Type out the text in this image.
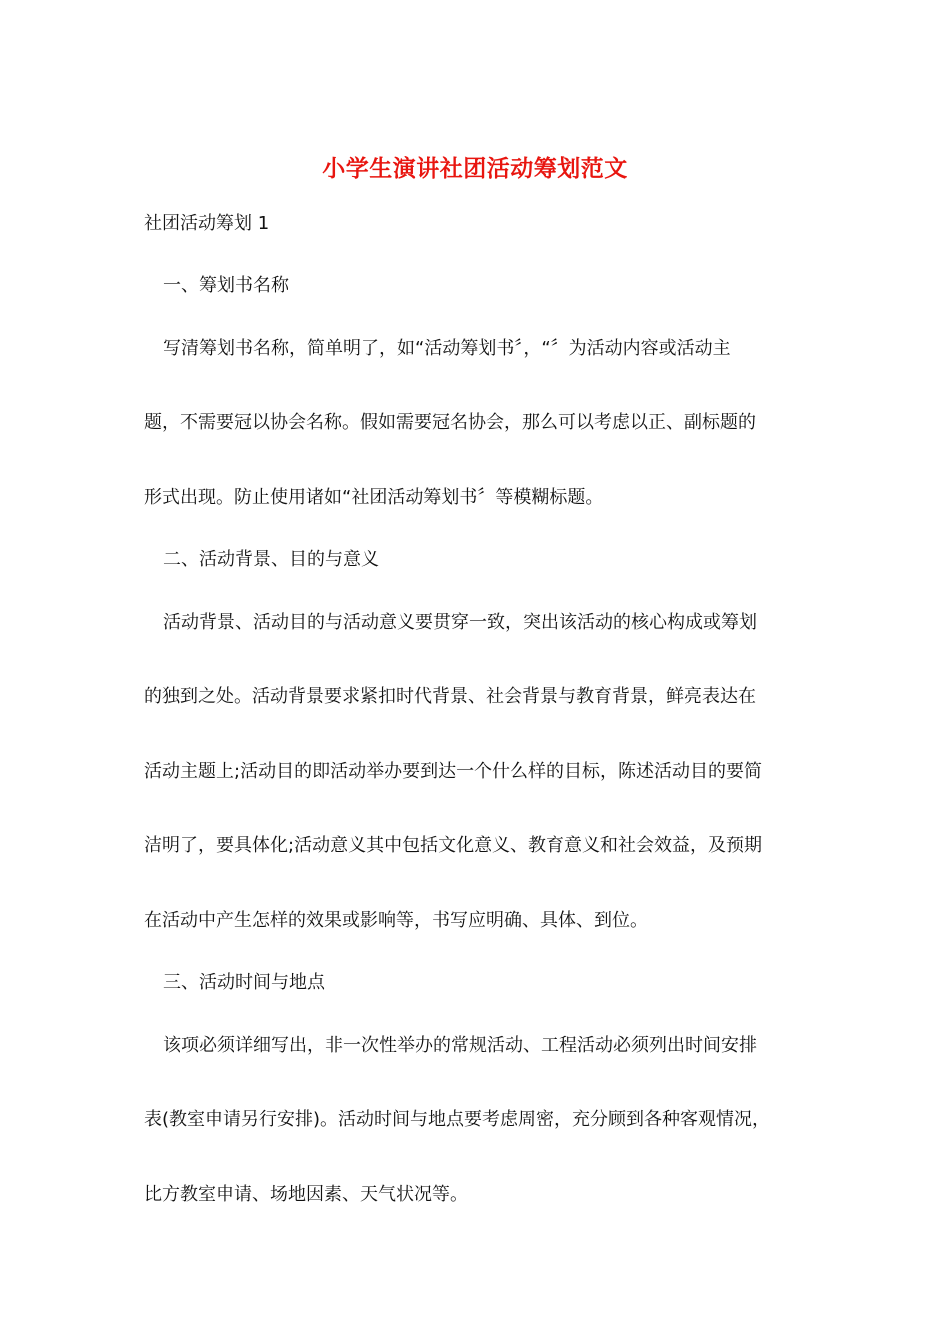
小学生演讲社团活动筹划范文

社团活动筹划 1

一、筹划书名称

写清筹划书名称，简单明了，如“活动筹划书〞，“〞为活动内容或活动主

题，不需要冠以协会名称。假如需要冠名协会，那么可以考虑以正、副标题的

形式出现。防止使用诸如“社团活动筹划书〞等模糊标题。

二、活动背景、目的与意义

活动背景、活动目的与活动意义要贯穿一致，突出该活动的核心构成或筹划

的独到之处。活动背景要求紧扣时代背景、社会背景与教育背景，鲜亮表达在

活动主题上;活动目的即活动举办要到达一个什么样的目标，陈述活动目的要简

洁明了，要具体化;活动意义其中包括文化意义、教育意义和社会效益，及预期

在活动中产生怎样的效果或影响等，书写应明确、具体、到位。

三、活动时间与地点

该项必须详细写出，非一次性举办的常规活动、工程活动必须列出时间安排

表(教室申请另行安排)。活动时间与地点要考虑周密，充分顾到各种客观情况，

比方教室申请、场地因素、天气状况等。
